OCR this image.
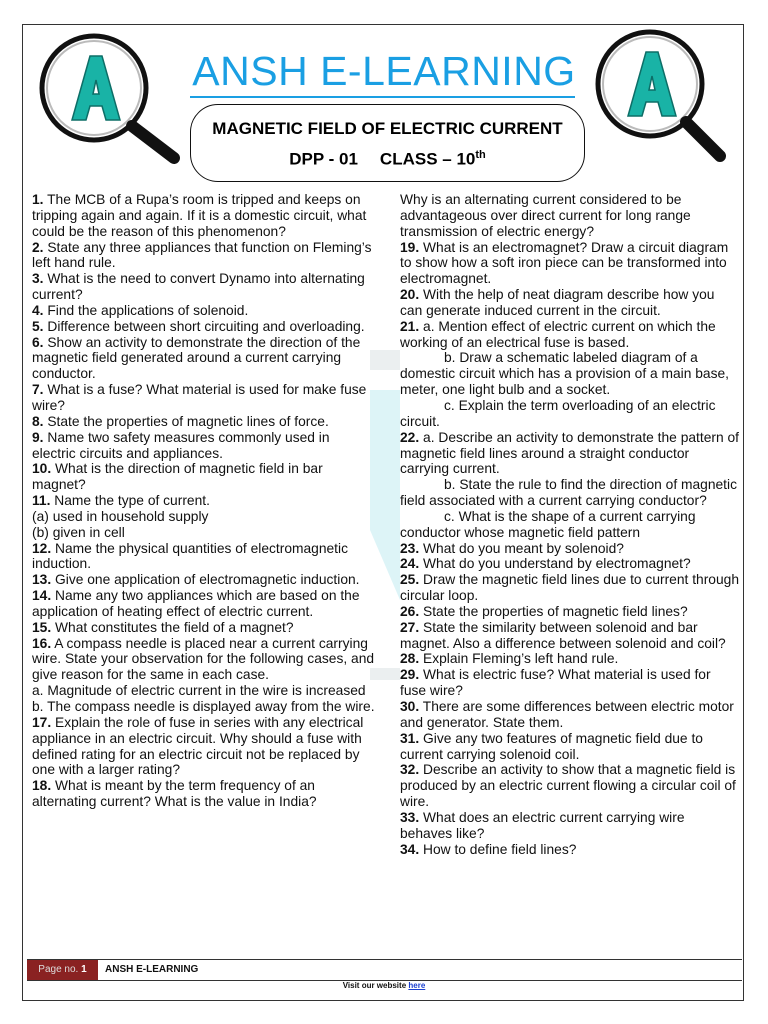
ANSH E-LEARNING
MAGNETIC FIELD OF ELECTRIC CURRENT
DPP - 01 CLASS – 10th

1. The MCB of a Rupa’s room is tripped and keeps on tripping again and again. If it is a domestic circuit, what could be the reason of this phenomenon?

2. State any three appliances that function on Fleming’s left hand rule.

3. What is the need to convert Dynamo into alternating current?

4. Find the applications of solenoid.

5. Difference between short circuiting and overloading.

6. Show an activity to demonstrate the direction of the magnetic field generated around a current carrying conductor.

7. What is a fuse? What material is used for make fuse wire?

8. State the properties of magnetic lines of force.

9. Name two safety measures commonly used in electric circuits and appliances.

10. What is the direction of magnetic field in bar magnet?

11. Name the type of current.

(a) used in household supply

(b) given in cell

12. Name the physical quantities of electromagnetic induction.

13. Give one application of electromagnetic induction.

14. Name any two appliances which are based on the application of heating effect of electric current.

15. What constitutes the field of a magnet?

16. A compass needle is placed near a current carrying wire. State your observation for the following cases, and give reason for the same in each case.

a. Magnitude of electric current in the wire is increased

b. The compass needle is displayed away from the wire.

17. Explain the role of fuse in series with any electrical appliance in an electric circuit. Why should a fuse with defined rating for an electric circuit not be replaced by one with a larger rating?

18. What is meant by the term frequency of an alternating current? What is the value in India?

Why is an alternating current considered to be advantageous over direct current for long range transmission of electric energy?

19. What is an electromagnet? Draw a circuit diagram to show how a soft iron piece can be transformed into electromagnet.

20. With the help of neat diagram describe how you can generate induced current in the circuit.

21. a. Mention effect of electric current on which the working of an electrical fuse is based.

b. Draw a schematic labeled diagram of a domestic circuit which has a provision of a main base, meter, one light bulb and a socket.

c. Explain the term overloading of an electric circuit.

22. a. Describe an activity to demonstrate the pattern of magnetic field lines around a straight conductor carrying current.

b. State the rule to find the direction of magnetic field associated with a current carrying conductor?

c. What is the shape of a current carrying conductor whose magnetic field pattern

23. What do you meant by solenoid?

24. What do you understand by electromagnet?

25. Draw the magnetic field lines due to current through circular loop.

26. State the properties of magnetic field lines?

27. State the similarity between solenoid and bar magnet. Also a difference between solenoid and coil?

28. Explain Fleming’s left hand rule.

29. What is electric fuse? What material is used for fuse wire?

30. There are some differences between electric motor and generator. State them.

31. Give any two features of magnetic field due to current carrying solenoid coil.

32. Describe an activity to show that a magnetic field is produced by an electric current flowing a circular coil of wire.

33. What does an electric current carrying wire behaves like?

34. How to define field lines?

Page no. 1	ANSH E-LEARNING
Visit our website here
